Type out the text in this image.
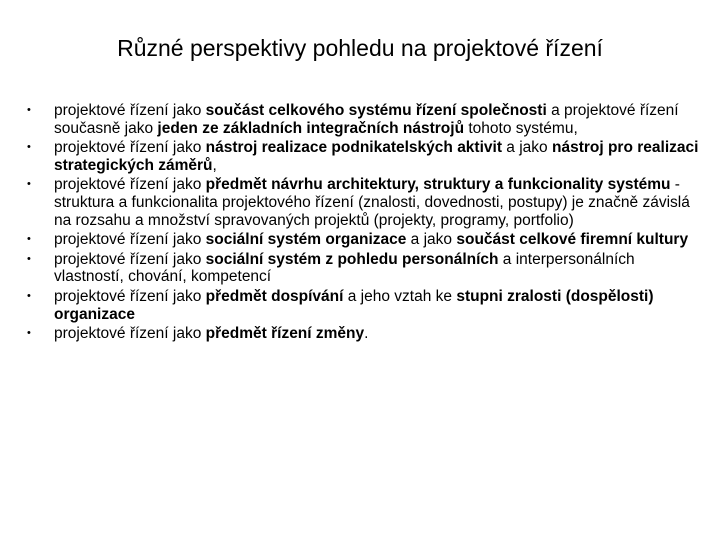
Různé perspektivy pohledu na projektové řízení
• projektové řízení jako součást celkového systému řízení společnosti a projektové řízení současně jako jeden ze základních integračních nástrojů tohoto systému,
• projektové řízení jako nástroj realizace podnikatelských aktivit a jako nástroj pro realizaci strategických záměrů,
• projektové řízení jako předmět návrhu architektury, struktury a funkcionality systému - struktura a funkcionalita projektového řízení (znalosti, dovednosti, postupy) je značně závislá na rozsahu a množství spravovaných projektů (projekty, programy, portfolio)
• projektové řízení jako sociální systém organizace a jako součást celkové firemní kultury
• projektové řízení jako sociální systém z pohledu personálních a interpersonálních vlastností, chování, kompetencí
• projektové řízení jako předmět dospívání a jeho vztah ke stupni zralosti (dospělosti) organizace
• projektové řízení jako předmět řízení změny.
